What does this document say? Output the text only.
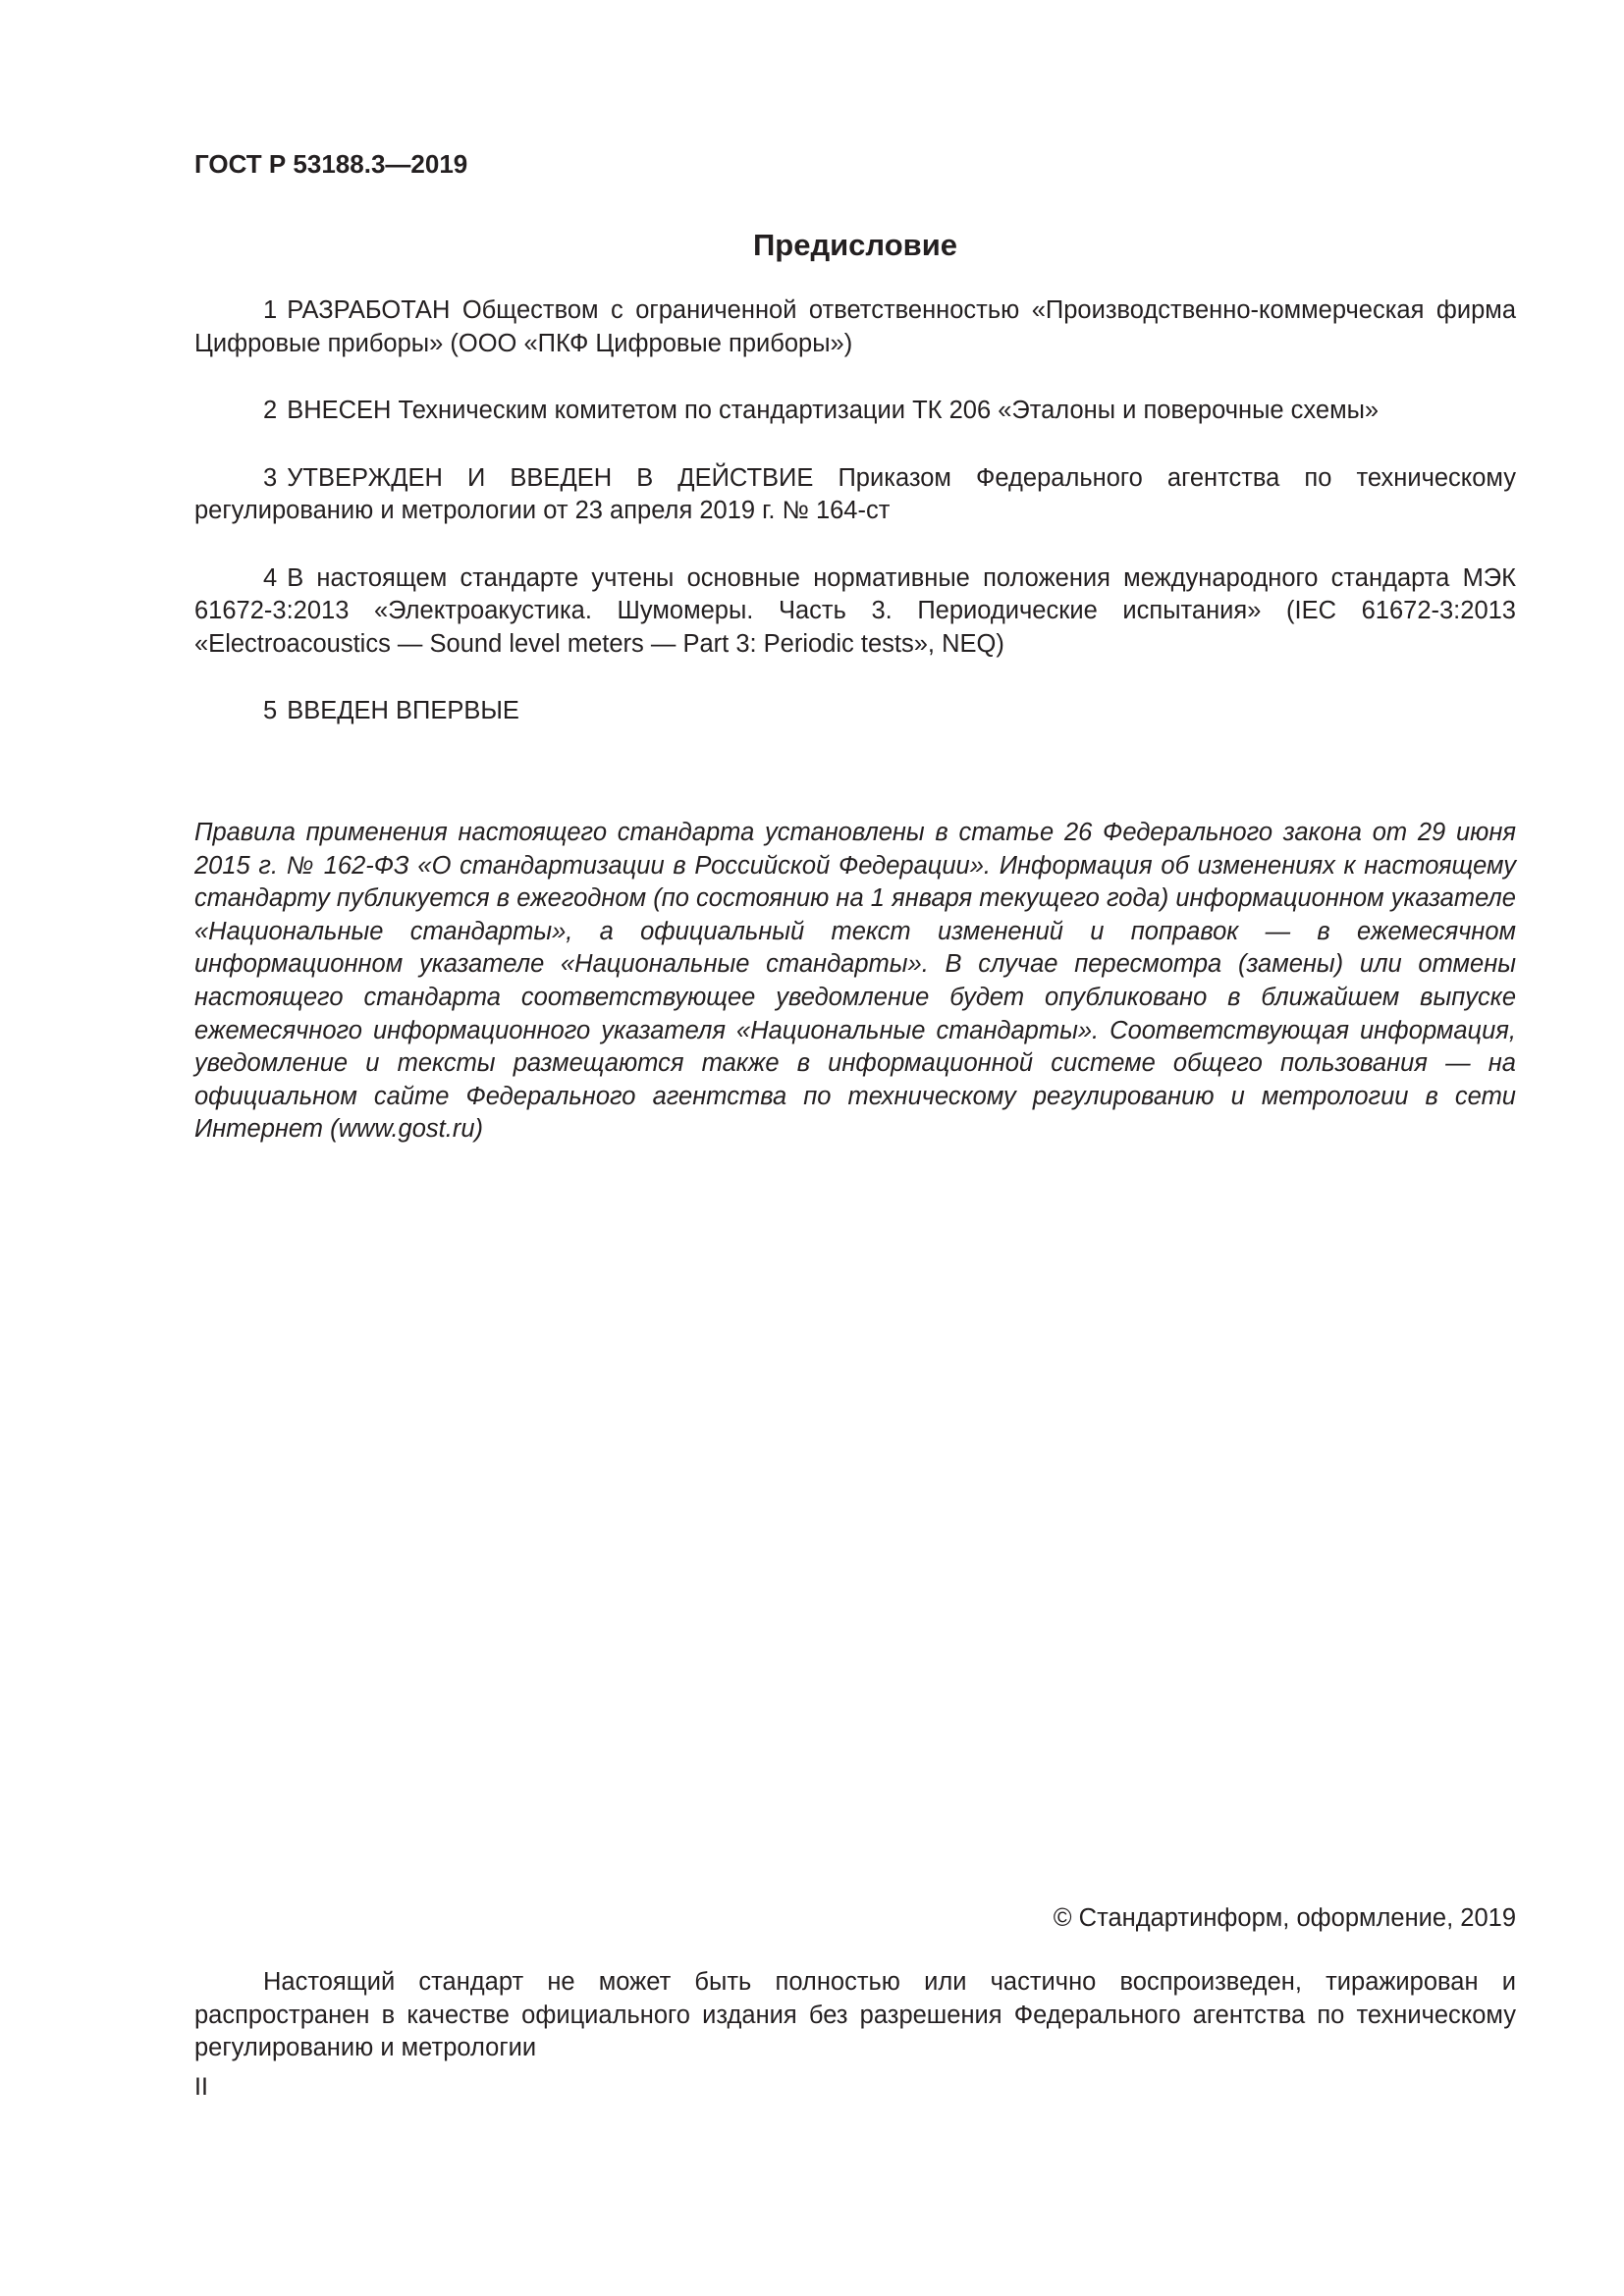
ГОСТ Р 53188.3—2019
Предисловие

1 РАЗРАБОТАН Обществом с ограниченной ответственностью «Производственно-коммерческая фирма Цифровые приборы» (ООО «ПКФ Цифровые приборы»)

2 ВНЕСЕН Техническим комитетом по стандартизации ТК 206 «Эталоны и поверочные схемы»

3 УТВЕРЖДЕН И ВВЕДЕН В ДЕЙСТВИЕ Приказом Федерального агентства по техническому регулированию и метрологии от 23 апреля 2019 г. № 164-ст

4 В настоящем стандарте учтены основные нормативные положения международного стандарта МЭК 61672-3:2013 «Электроакустика. Шумомеры. Часть 3. Периодические испытания» (IEC 61672-3:2013 «Electroacoustics — Sound level meters — Part 3: Periodic tests», NEQ)

5 ВВЕДЕН ВПЕРВЫЕ

Правила применения настоящего стандарта установлены в статье 26 Федерального закона от 29 июня 2015 г. № 162-ФЗ «О стандартизации в Российской Федерации». Информация об изменениях к настоящему стандарту публикуется в ежегодном (по состоянию на 1 января текущего года) информационном указателе «Национальные стандарты», а официальный текст изменений и поправок — в ежемесячном информационном указателе «Национальные стандарты». В случае пересмотра (замены) или отмены настоящего стандарта соответствующее уведомление будет опубликовано в ближайшем выпуске ежемесячного информационного указателя «Национальные стандарты». Соответствующая информация, уведомление и тексты размещаются также в информационной системе общего пользования — на официальном сайте Федерального агентства по техническому регулированию и метрологии в сети Интернет (www.gost.ru)

© Стандартинформ, оформление, 2019

Настоящий стандарт не может быть полностью или частично воспроизведен, тиражирован и распространен в качестве официального издания без разрешения Федерального агентства по техническому регулированию и метрологии

II
